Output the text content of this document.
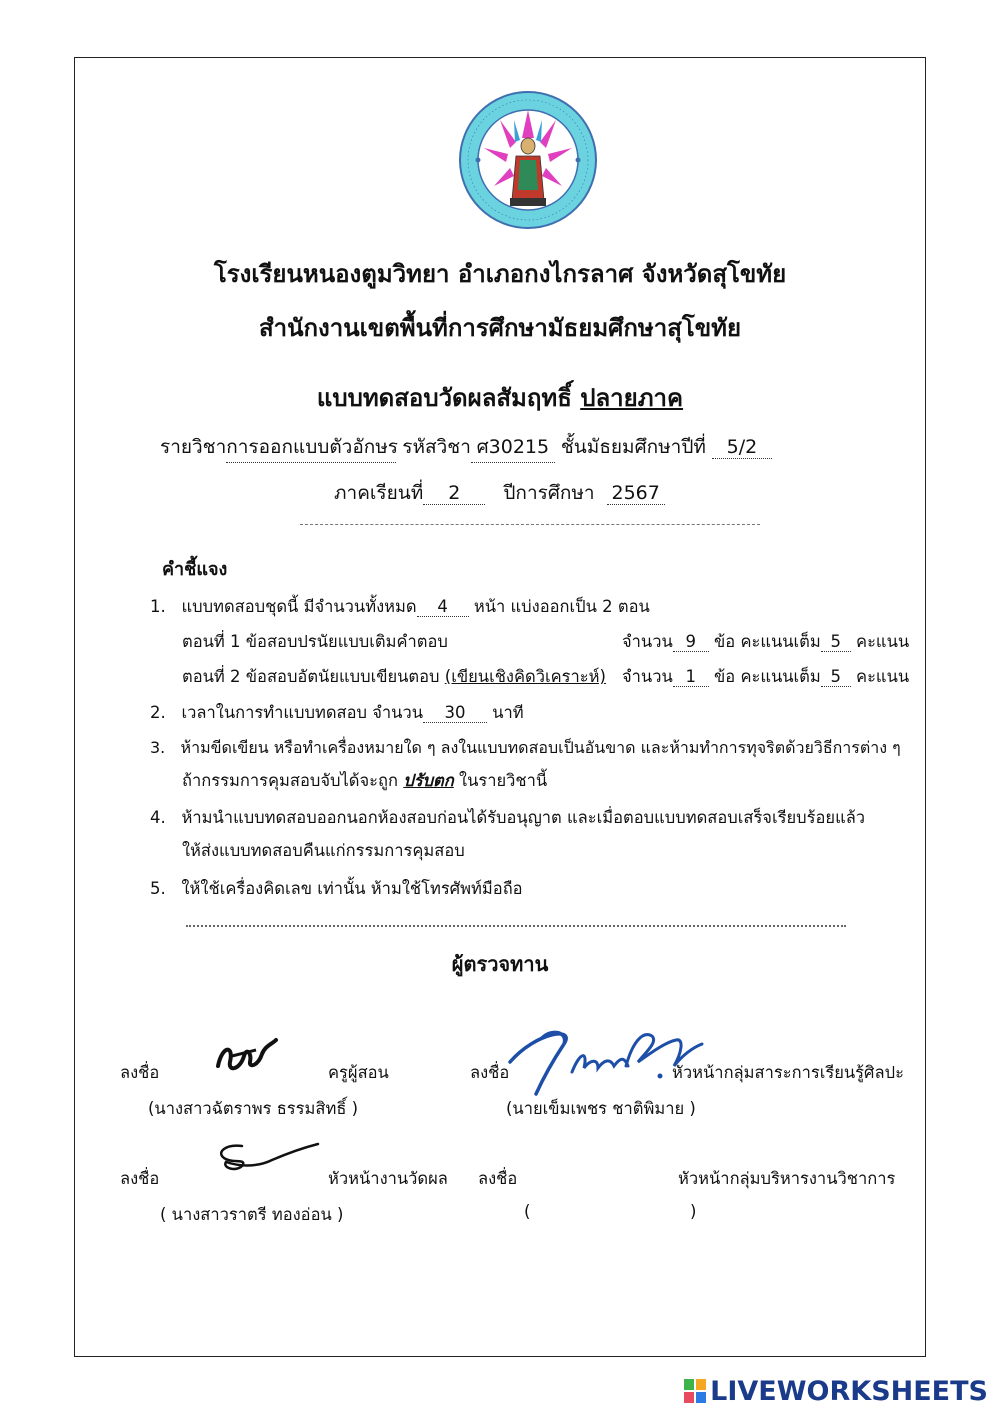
โรงเรียนหนองตูมวิทยา อำเภอกงไกรลาศ จังหวัดสุโขทัย
สำนักงานเขตพื้นที่การศึกษามัธยมศึกษาสุโขทัย
แบบทดสอบวัดผลสัมฤทธิ์ ปลายภาค
รายวิชาการออกแบบตัวอักษร รหัสวิชา ศ30215 ชั้นมัธยมศึกษาปีที่ 5/2
ภาคเรียนที่ 2 ปีการศึกษา 2567
คำชี้แจง
1. แบบทดสอบชุดนี้ มีจำนวนทั้งหมด 4 หน้า แบ่งออกเป็น 2 ตอน
ตอนที่ 1 ข้อสอบปรนัยแบบเติมคำตอบ	จำนวน 9 ข้อ คะแนนเต็ม 5 คะแนน
ตอนที่ 2 ข้อสอบอัตนัยแบบเขียนตอบ (เขียนเชิงคิดวิเคราะห์) จำนวน 1 ข้อ คะแนนเต็ม 5 คะแนน
2. เวลาในการทำแบบทดสอบ จำนวน 30 นาที
3. ห้ามขีดเขียน หรือทำเครื่องหมายใด ๆ ลงในแบบทดสอบเป็นอันขาด และห้ามทำการทุจริตด้วยวิธีการต่าง ๆ
ถ้ากรรมการคุมสอบจับได้จะถูก ปรับตก ในรายวิชานี้
4. ห้ามนำแบบทดสอบออกนอกห้องสอบก่อนได้รับอนุญาต และเมื่อตอบแบบทดสอบเสร็จเรียบร้อยแล้ว
ให้ส่งแบบทดสอบคืนแก่กรรมการคุมสอบ
5. ให้ใช้เครื่องคิดเลข เท่านั้น ห้ามใช้โทรศัพท์มือถือ
ผู้ตรวจทาน
ลงชื่อ	ครูผู้สอน
(นางสาวฉัตราพร ธรรมสิทธิ์ )
ลงชื่อ	หัวหน้ากลุ่มสาระการเรียนรู้ศิลปะ
(นายเข็มเพชร ชาติพิมาย )
ลงชื่อ	หัวหน้างานวัดผล
( นางสาวราตรี ทองอ่อน )
ลงชื่อ	หัวหน้ากลุ่มบริหารงานวิชาการ
(	)
LIVEWORKSHEETS
